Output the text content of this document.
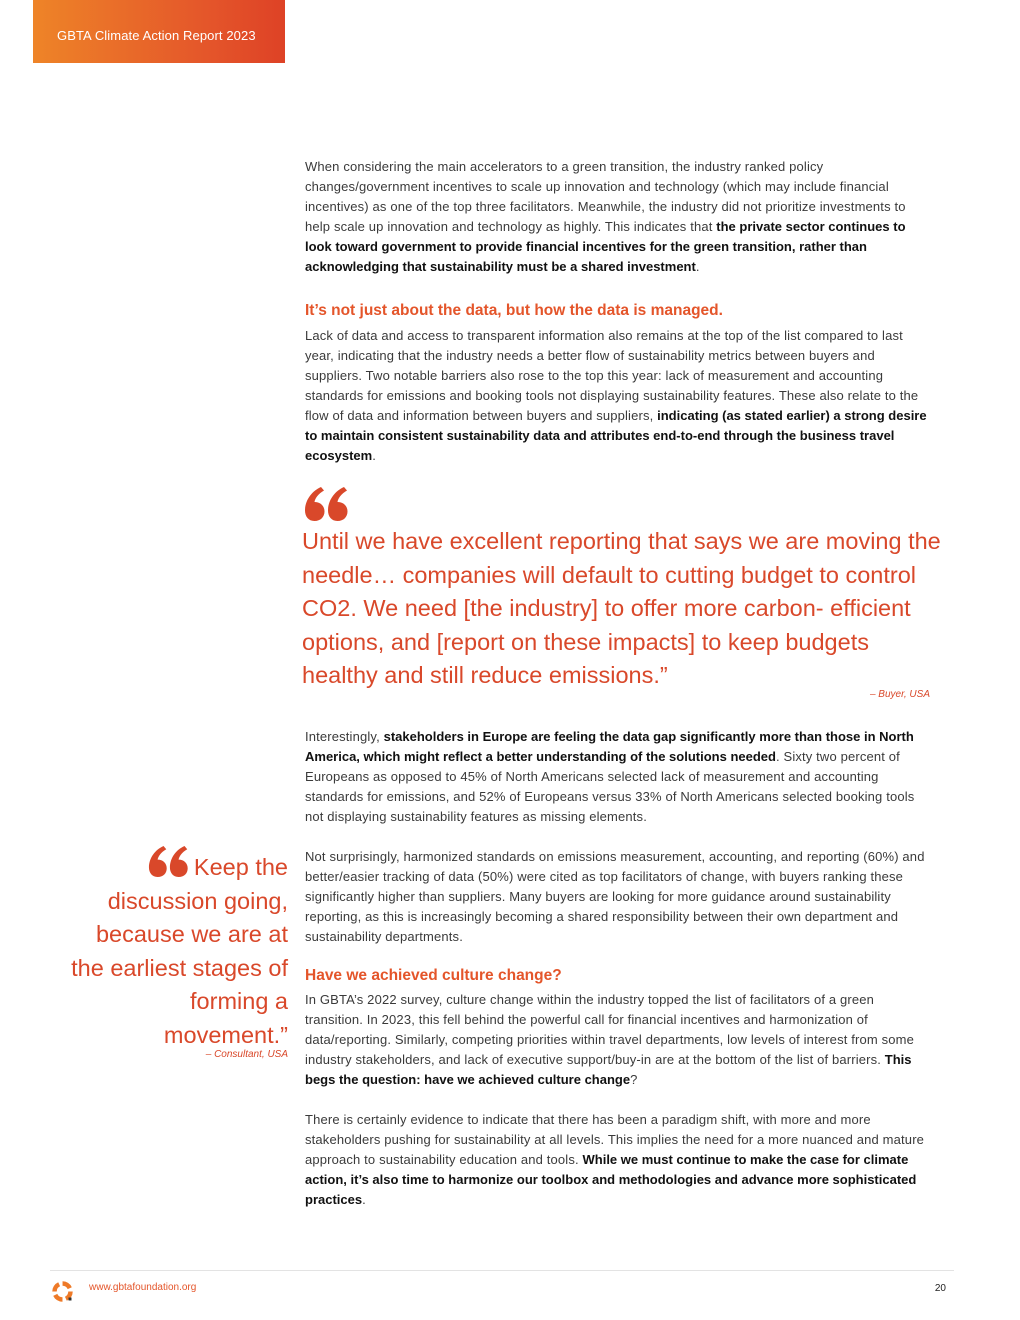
GBTA Climate Action Report 2023

When considering the main accelerators to a green transition, the industry ranked policy changes/government incentives to scale up innovation and technology (which may include financial incentives) as one of the top three facilitators. Meanwhile, the industry did not prioritize investments to help scale up innovation and technology as highly. This indicates that the private sector continues to look toward government to provide financial incentives for the green transition, rather than acknowledging that sustainability must be a shared investment.

It’s not just about the data, but how the data is managed.

Lack of data and access to transparent information also remains at the top of the list compared to last year, indicating that the industry needs a better flow of sustainability metrics between buyers and suppliers. Two notable barriers also rose to the top this year: lack of measurement and accounting standards for emissions and booking tools not displaying sustainability features. These also relate to the flow of data and information between buyers and suppliers, indicating (as stated earlier) a strong desire to maintain consistent sustainability data and attributes end-to-end through the business travel ecosystem.

Until we have excellent reporting that says we are moving the needle… companies will default to cutting budget to control CO2. We need [the industry] to offer more carbon- efficient options, and [report on these impacts] to keep budgets healthy and still reduce emissions.”

– Buyer, USA

Interestingly, stakeholders in Europe are feeling the data gap significantly more than those in North America, which might reflect a better understanding of the solutions needed. Sixty two percent of Europeans as opposed to 45% of North Americans selected lack of measurement and accounting standards for emissions, and 52% of Europeans versus 33% of North Americans selected booking tools not displaying sustainability features as missing elements.

Not surprisingly, harmonized standards on emissions measurement, accounting, and reporting (60%) and better/easier tracking of data (50%) were cited as top facilitators of change, with buyers ranking these significantly higher than suppliers. Many buyers are looking for more guidance around sustainability reporting, as this is increasingly becoming a shared responsibility between their own department and sustainability departments.

Keep the discussion going, because we are at the earliest stages of forming a movement.”
– Consultant, USA
Have we achieved culture change?

In GBTA’s 2022 survey, culture change within the industry topped the list of facilitators of a green transition. In 2023, this fell behind the powerful call for financial incentives and harmonization of data/reporting. Similarly, competing priorities within travel departments, low levels of interest from some industry stakeholders, and lack of executive support/buy-in are at the bottom of the list of barriers. This begs the question: have we achieved culture change?

There is certainly evidence to indicate that there has been a paradigm shift, with more and more stakeholders pushing for sustainability at all levels. This implies the need for a more nuanced and mature approach to sustainability education and tools. While we must continue to make the case for climate action, it’s also time to harmonize our toolbox and methodologies and advance more sophisticated practices.

www.gbtafoundation.org	20
